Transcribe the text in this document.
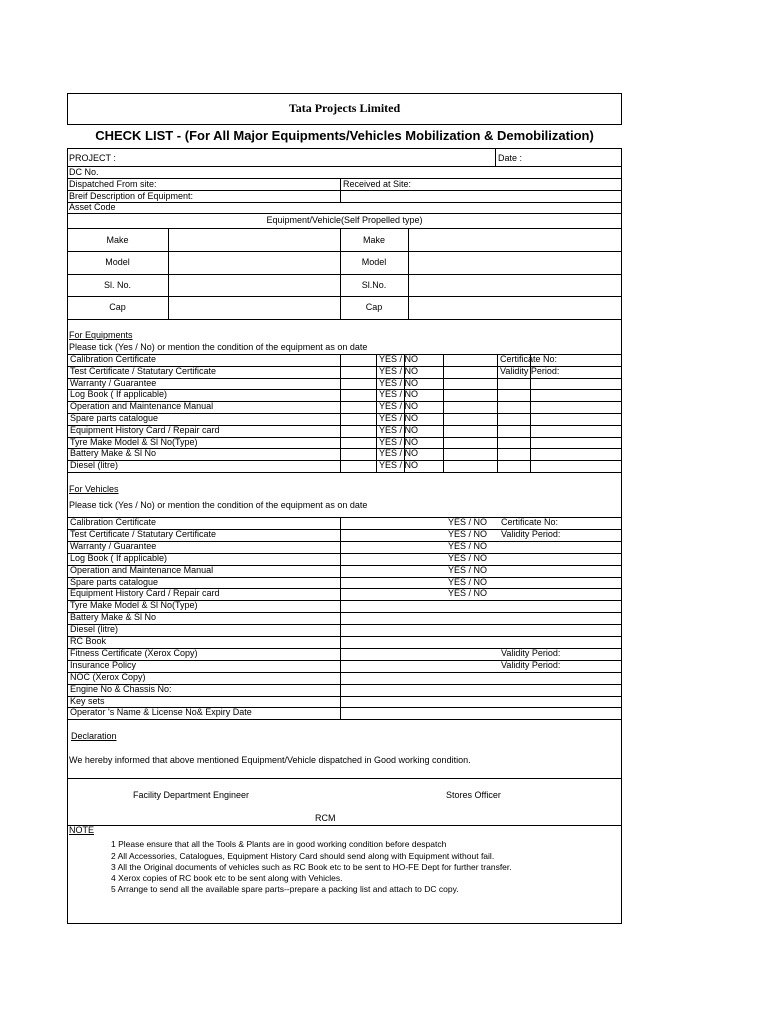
Tata Projects Limited
CHECK LIST - (For All Major Equipments/Vehicles Mobilization & Demobilization)
PROJECT :	Date :
DC No.
Dispatched From site:	Received at Site:
Breif Description of Equipment:
Asset Code
Equipment/Vehicle(Self Propelled type)
Make	Make
Model	Model
Sl. No.	Sl.No.
Cap	Cap
For Equipments
Please tick (Yes / No) or mention the condition of the equipment as on date
For Vehicles
Please tick (Yes / No) or mention the condition of the equipment as on date
Declaration
We hereby informed that above mentioned Equipment/Vehicle dispatched in Good working condition.
Facility Department Engineer	Stores Officer
RCM
NOTE
1 Please ensure that all the Tools & Plants are in good working condition before despatch
2 All Accessories, Catalogues, Equipment History Card should send along with Equipment without fail.
3 All the Original documents of vehicles such as RC Book etc to be sent to HO-FE Dept for further transfer.
4 Xerox copies of RC book etc to be sent along with Vehicles.
5 Arrange to send all the available spare parts--prepare a packing list and attach to DC copy.
Calibration Certificate	YES / NO	Certificate No:
Test Certificate / Statutary Certificate	YES / NO	Validity Period:
Warranty / Guarantee	YES / NO
Log Book ( If applicable)	YES / NO
Operation and Maintenance Manual	YES / NO
Spare parts catalogue	YES / NO
Equipment History Card / Repair card	YES / NO
Tyre Make Model & Sl No(Type)	YES / NO
Battery Make & Sl No	YES / NO
Diesel (litre)	YES / NO
Calibration Certificate	YES / NO Certificate No:
Test Certificate / Statutary Certificate	YES / NO Validity Period:
Warranty / Guarantee	YES / NO
Log Book ( If applicable)	YES / NO
Operation and Maintenance Manual	YES / NO
Spare parts catalogue	YES / NO
Equipment History Card / Repair card	YES / NO
Tyre Make Model & Sl No(Type)
Battery Make & Sl No
Diesel (litre)
RC Book
Fitness Certificate (Xerox Copy)	Validity Period:
Insurance Policy	Validity Period:
NOC (Xerox Copy)
Engine No & Chassis No:
Key sets
Operator 's Name & License No& Expiry Date
